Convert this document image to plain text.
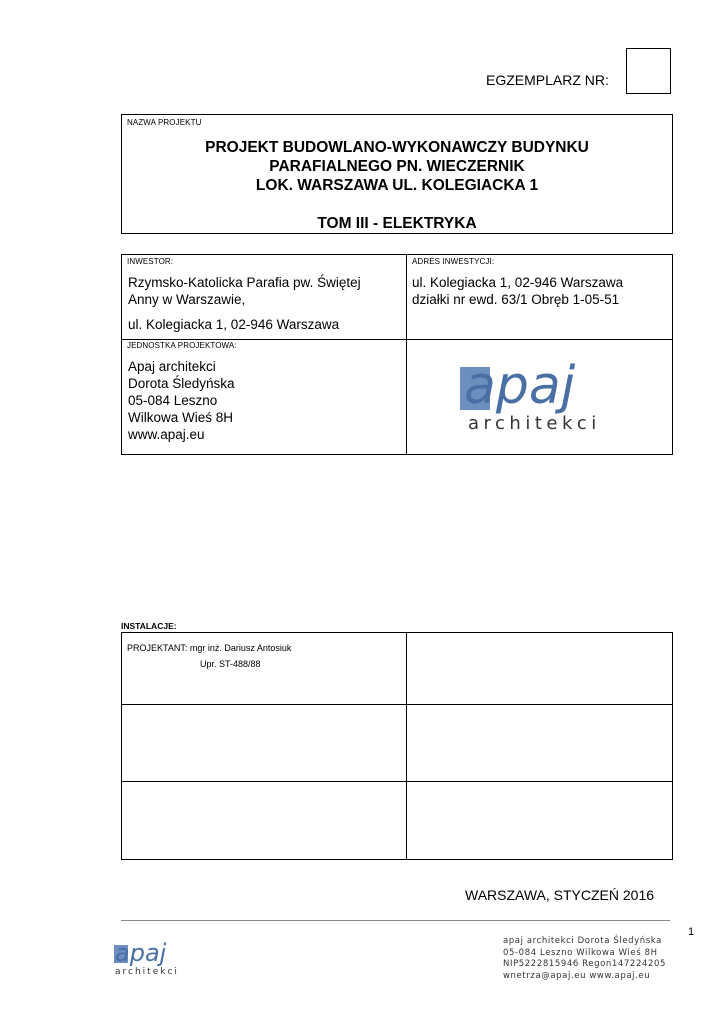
EGZEMPLARZ NR:
NAZWA PROJEKTU
PROJEKT BUDOWLANO-WYKONAWCZY BUDYNKU
PARAFIALNEGO PN. WIECZERNIK
LOK. WARSZAWA UL. KOLEGIACKA 1
TOM III - ELEKTRYKA
INWESTOR:
Rzymsko-Katolicka Parafia pw. Świętej
Anny w Warszawie,
ul. Kolegiacka 1, 02-946 Warszawa
ADRES INWESTYCJI:
ul. Kolegiacka 1, 02-946 Warszawa
działki nr ewd. 63/1 Obręb 1-05-51
JEDNOSTKA PROJEKTOWA:
Apaj architekci
Dorota Śledyńska
05-084 Leszno
Wilkowa Wieś 8H
www.apaj.eu
apaj
architekci
INSTALACJE:
PROJEKTANT: mgr inż. Dariusz Antosiuk
Upr. ST-488/88
WARSZAWA, STYCZEŃ 2016
1
apaj
architekci
apaj architekci Dorota Śledyńska
05-084 Leszno Wilkowa Wieś 8H
NIP5222815946 Regon147224205
wnetrza@apaj.eu www.apaj.eu
